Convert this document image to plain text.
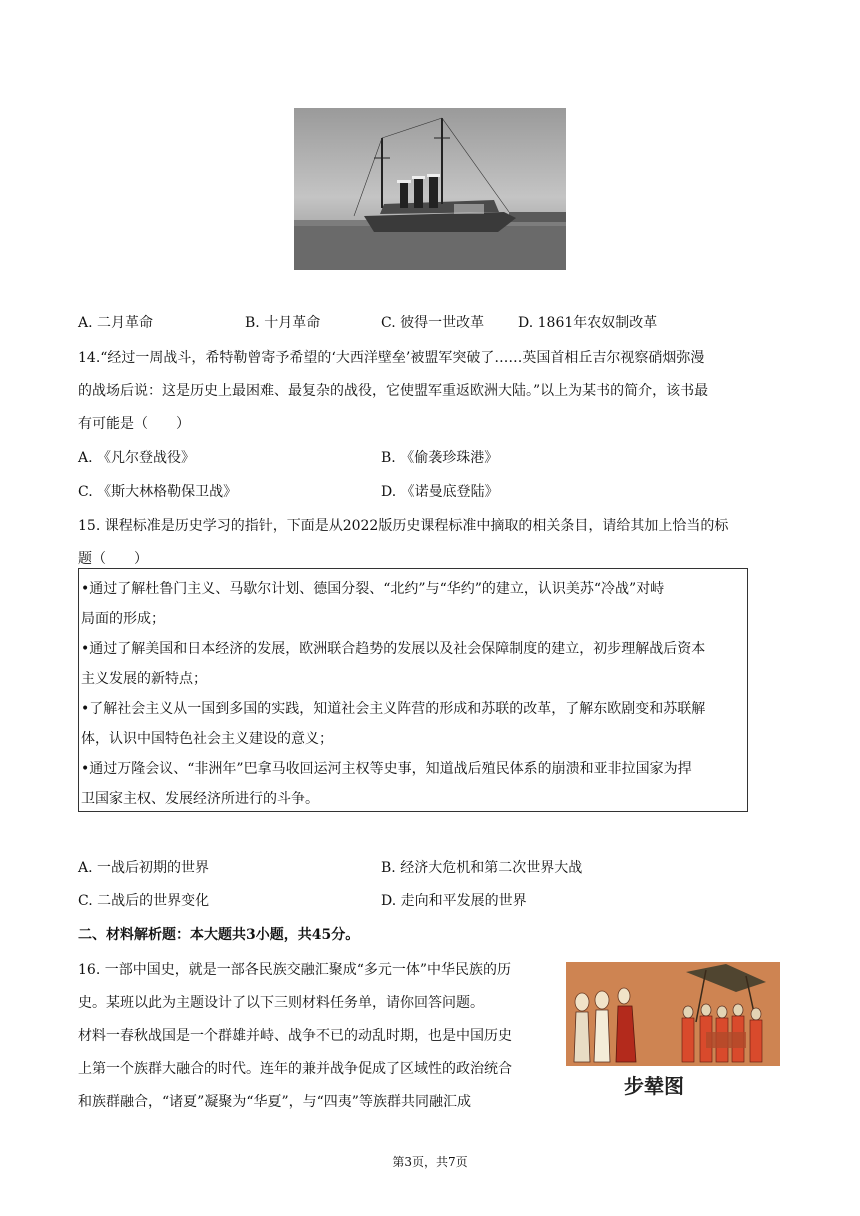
A. 二月革命	B. 十月革命	C. 彼得一世改革 D. 1861年农奴制改革
14.“经过一周战斗，希特勒曾寄予希望的‘大西洋壁垒’被盟军突破了……英国首相丘吉尔视察硝烟弥漫
的战场后说：这是历史上最困难、最复杂的战役，它使盟军重返欧洲大陆。”以上为某书的简介，该书最
有可能是（　　）
A. 《凡尔登战役》	B. 《偷袭珍珠港》
C. 《斯大林格勒保卫战》	D. 《诺曼底登陆》
15. 课程标准是历史学习的指针，下面是从2022版历史课程标准中摘取的相关条目，请给其加上恰当的标
题（　　）

•通过了解杜鲁门主义、马歇尔计划、德国分裂、“北约”与“华约”的建立，认识美苏“冷战”对峙

局面的形成；

•通过了解美国和日本经济的发展，欧洲联合趋势的发展以及社会保障制度的建立，初步理解战后资本

主义发展的新特点；

•了解社会主义从一国到多国的实践，知道社会主义阵营的形成和苏联的改革，了解东欧剧变和苏联解

体，认识中国特色社会主义建设的意义；

•通过万隆会议、“非洲年”巴拿马收回运河主权等史事，知道战后殖民体系的崩溃和亚非拉国家为捍

卫国家主权、发展经济所进行的斗争。

A. 一战后初期的世界	B. 经济大危机和第二次世界大战
C. 二战后的世界变化	D. 走向和平发展的世界
二、材料解析题：本大题共3小题，共45分。
16. 一部中国史，就是一部各民族交融汇聚成“多元一体”中华民族的历
史。某班以此为主题设计了以下三则材料任务单，请你回答问题。
材料一春秋战国是一个群雄并峙、战争不已的动乱时期，也是中国历史
上第一个族群大融合的时代。连年的兼并战争促成了区域性的政治统合
和族群融合，“诸夏”凝聚为“华夏”，与“四夷”等族群共同融汇成
步辇图
第3页，共7页
